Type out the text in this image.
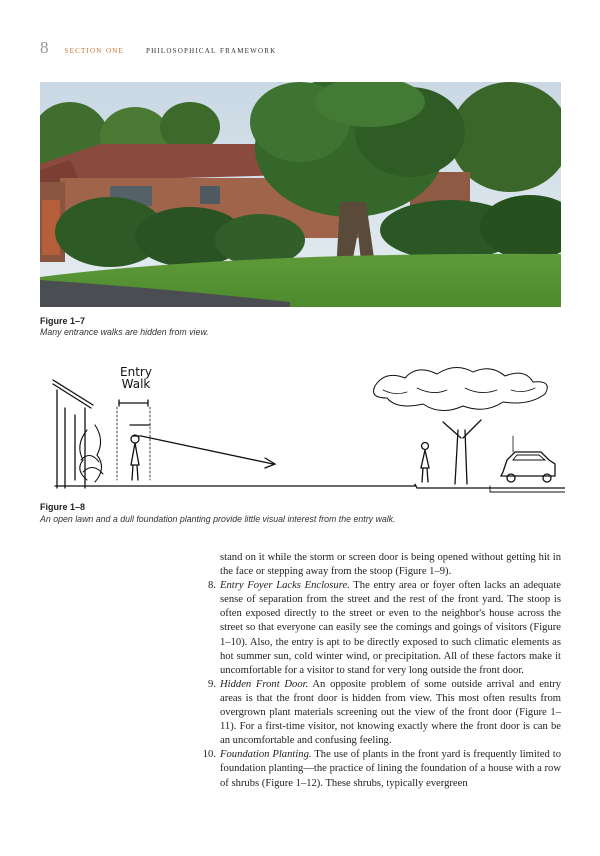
8 section one philosophical framework
Figure 1–7
Many entrance walks are hidden from view.
Entry
Walk
Figure 1–8
An open lawn and a dull foundation planting provide little visual interest from the entry walk.

stand on it while the storm or screen door is being opened without getting hit in the face or stepping away from the stoop (Figure 1–9).

8. Entry Foyer Lacks Enclosure. The entry area or foyer often lacks an adequate sense of separation from the street and the rest of the front yard. The stoop is often exposed directly to the street or even to the neighbor's house across the street so that everyone can easily see the comings and goings of visitors (Figure 1–10). Also, the entry is apt to be directly exposed to such climatic elements as hot summer sun, cold winter wind, or precipitation. All of these factors make it uncomfortable for a visitor to stand for very long outside the front door.

9. Hidden Front Door. An opposite problem of some outside arrival and entry areas is that the front door is hidden from view. This most often results from overgrown plant materials screening out the view of the front door (Figure 1–11). For a first-time visitor, not knowing exactly where the front door is can be an uncomfortable and confusing feeling.

10. Foundation Planting. The use of plants in the front yard is frequently limited to foundation planting—the practice of lining the foundation of a house with a row of shrubs (Figure 1–12). These shrubs, typically evergreen
